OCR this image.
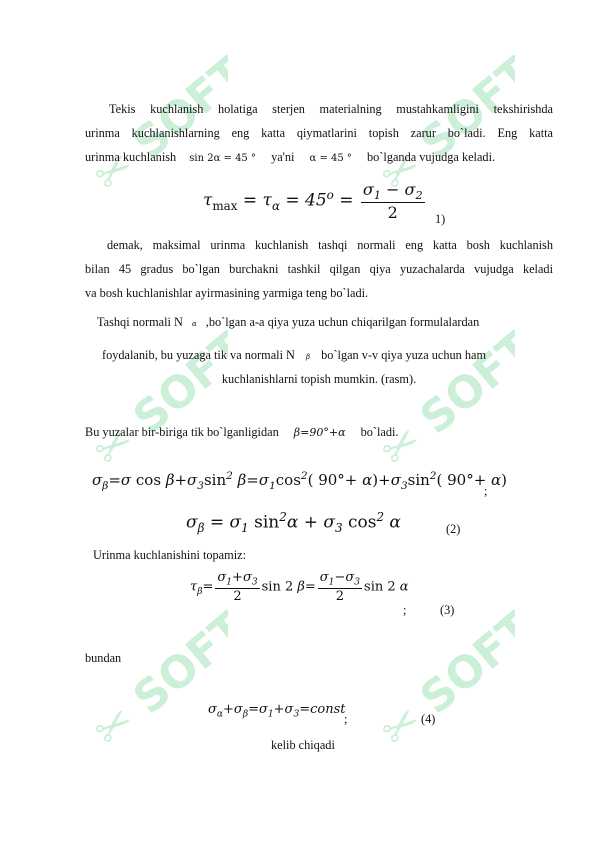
✂ SOFT
✂ SOFT
✂ SOFT
✂ SOFT
✂ SOFT
✂ SOFT
Tekis kuchlanish holatiga sterjen materialning mustahkamligini tekshirishda
urinma kuchlanishlarning eng katta qiymatlarini topish zarur bo`ladi. Eng katta
urinma kuchlanish sin 2α = 45 ° ya'ni α = 45 ° bo`lganda vujudga keladi.
$\tau_{max} = \tau_\alpha = 45^o = \frac{\sigma_1 - \sigma_2}{2} 1$)
demak, maksimal urinma kuchlanish tashqi normali eng katta bosh kuchlanish
bilan 45 gradus bo`lgan burchakni tashkil qilgan qiya yuzachalarda vujudga keladi
va bosh kuchlanishlar ayirmasining yarmiga teng bo`ladi.
Tashqi normali N α ,bo`lgan a-a qiya yuza uchun chiqarilgan formulalardan
foydalanib, bu yuzaga tik va normali N β bo`lgan v-v qiya yuza uchun ham
kuchlanishlarni topish mumkin. (rasm).
Bu yuzalar bir-biriga tik bo`lganligidan β=90°+α bo`ladi.
$\sigma_\beta=\sigma$ $\cos \beta+\sigma_3\sin^2$ $\beta=\sigma_1\cos^2$( $90^\circ+ \alpha)+\sigma_3\sin^2$( 90°+ α)
;
$\sigma_\beta = \sigma_1$ $\sin^2\alpha + \sigma_3$ $\cos^2 \alpha$	(2)
Urinma kuchlanishini topamiz:
$\tau_\beta= \frac{\sigma_1+\sigma_3}{2}$ sin 2 $\beta= \frac{\sigma_1-\sigma_3}{2}$ sin 2 α
;	(3)
bundan
$\sigma_\alpha+\sigma_\beta=\sigma_1+\sigma_3=const$
;	(4)
kelib chiqadi
